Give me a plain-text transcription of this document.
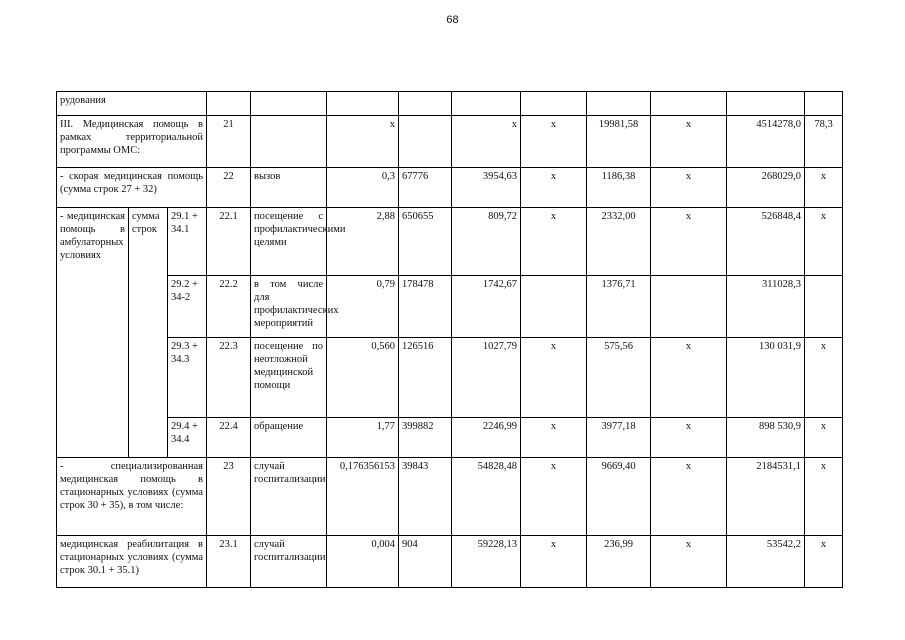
68
рудования												
III. Медицинская помощь в рамках территориальной программы ОМС:			21		х		х	х	19981,58	х	4514278,0	78,3
- скорая медицинская помощь (сумма строк 27 + 32)			22	вызов	0,3	67776	3954,63	х	1186,38	х	268029,0	х
- медицинская помощь в амбулаторных условиях	сумма строк	29.1 + 34.1	22.1	посещение с профилактическими целями	2,88	650655	809,72	х	2332,00	х	526848,4	х
		29.2 + 34-2	22.2	в том числе для профилактических мероприятий	0,79	178478	1742,67		1376,71		311028,3	
		29.3 + 34.3	22.3	посещение по неотложной медицинской помощи	0,560	126516	1027,79	х	575,56	х	130 031,9	х
		29.4 + 34.4	22.4	обращение	1,77	399882	2246,99	х	3977,18	х	898 530,9	х
- специализированная медицинская помощь в стационарных условиях (сумма строк 30 + 35), в том числе:			23	случай госпитализации	0,176356153	39843	54828,48	х	9669,40	х	2184531,1	х
медицинская реабилитация в стационарных условиях (сумма строк 30.1 + 35.1)			23.1	случай госпитализации	0,004	904	59228,13	х	236,99	х	53542,2	х
